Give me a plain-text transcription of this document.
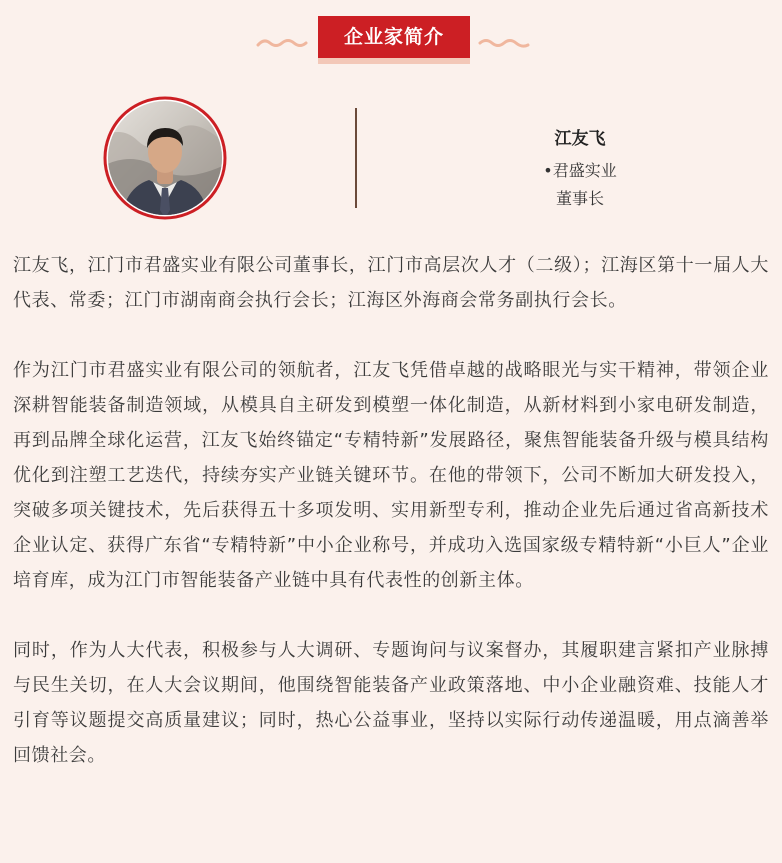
企业家简介
江友飞
•君盛实业
董事长

江友飞，江门市君盛实业有限公司董事长，江门市高层次人才（二级）；江海区第十一届人大代表、常委；江门市湖南商会执行会长；江海区外海商会常务副执行会长。

作为江门市君盛实业有限公司的领航者，江友飞凭借卓越的战略眼光与实干精神，带领企业深耕智能装备制造领域，从模具自主研发到模塑一体化制造，从新材料到小家电研发制造，再到品牌全球化运营，江友飞始终锚定“专精特新”发展路径，聚焦智能装备升级与模具结构优化到注塑工艺迭代，持续夯实产业链关键环节。在他的带领下，公司不断加大研发投入，突破多项关键技术，先后获得五十多项发明、实用新型专利，推动企业先后通过省高新技术企业认定、获得广东省“专精特新”中小企业称号，并成功入选国家级专精特新“小巨人”企业培育库，成为江门市智能装备产业链中具有代表性的创新主体。

同时，作为人大代表，积极参与人大调研、专题询问与议案督办，其履职建言紧扣产业脉搏与民生关切，在人大会议期间，他围绕智能装备产业政策落地、中小企业融资难、技能人才引育等议题提交高质量建议；同时，热心公益事业，坚持以实际行动传递温暖，用点滴善举回馈社会。
